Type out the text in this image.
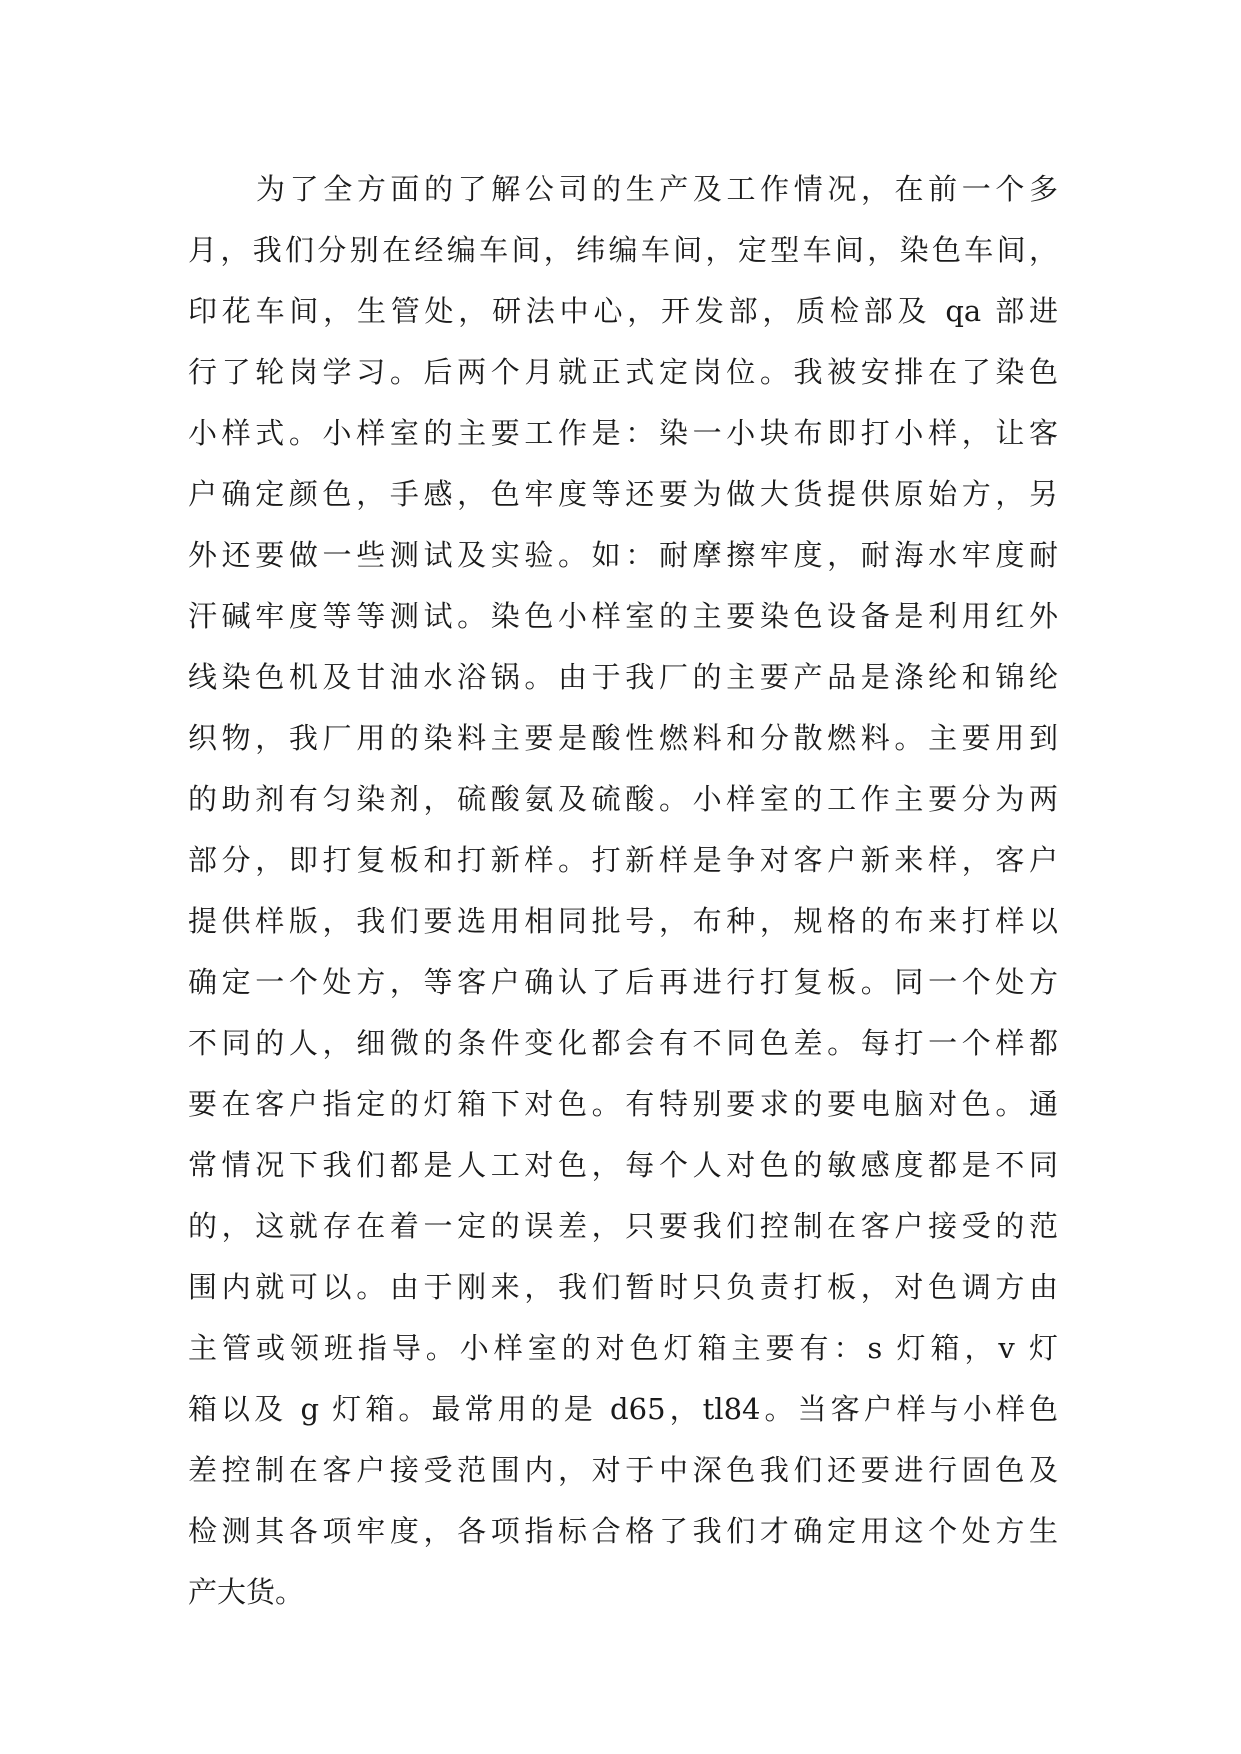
为了全方面的了解公司的生产及工作情况，在前一个多
月，我们分别在经编车间，纬编车间，定型车间，染色车间，
印花车间，生管处，研法中心，开发部，质检部及 qa 部进
行了轮岗学习。后两个月就正式定岗位。我被安排在了染色
小样式。小样室的主要工作是：染一小块布即打小样，让客
户确定颜色，手感，色牢度等还要为做大货提供原始方，另
外还要做一些测试及实验。如：耐摩擦牢度，耐海水牢度耐
汗碱牢度等等测试。染色小样室的主要染色设备是利用红外
线染色机及甘油水浴锅。由于我厂的主要产品是涤纶和锦纶
织物，我厂用的染料主要是酸性燃料和分散燃料。主要用到
的助剂有匀染剂，硫酸氨及硫酸。小样室的工作主要分为两
部分，即打复板和打新样。打新样是争对客户新来样，客户
提供样版，我们要选用相同批号，布种，规格的布来打样以
确定一个处方，等客户确认了后再进行打复板。同一个处方
不同的人，细微的条件变化都会有不同色差。每打一个样都
要在客户指定的灯箱下对色。有特别要求的要电脑对色。通
常情况下我们都是人工对色，每个人对色的敏感度都是不同
的，这就存在着一定的误差，只要我们控制在客户接受的范
围内就可以。由于刚来，我们暂时只负责打板，对色调方由
主管或领班指导。小样室的对色灯箱主要有：s 灯箱，v 灯
箱以及 g 灯箱。最常用的是 d65，tl84。当客户样与小样色
差控制在客户接受范围内，对于中深色我们还要进行固色及
检测其各项牢度，各项指标合格了我们才确定用这个处方生
产大货。
